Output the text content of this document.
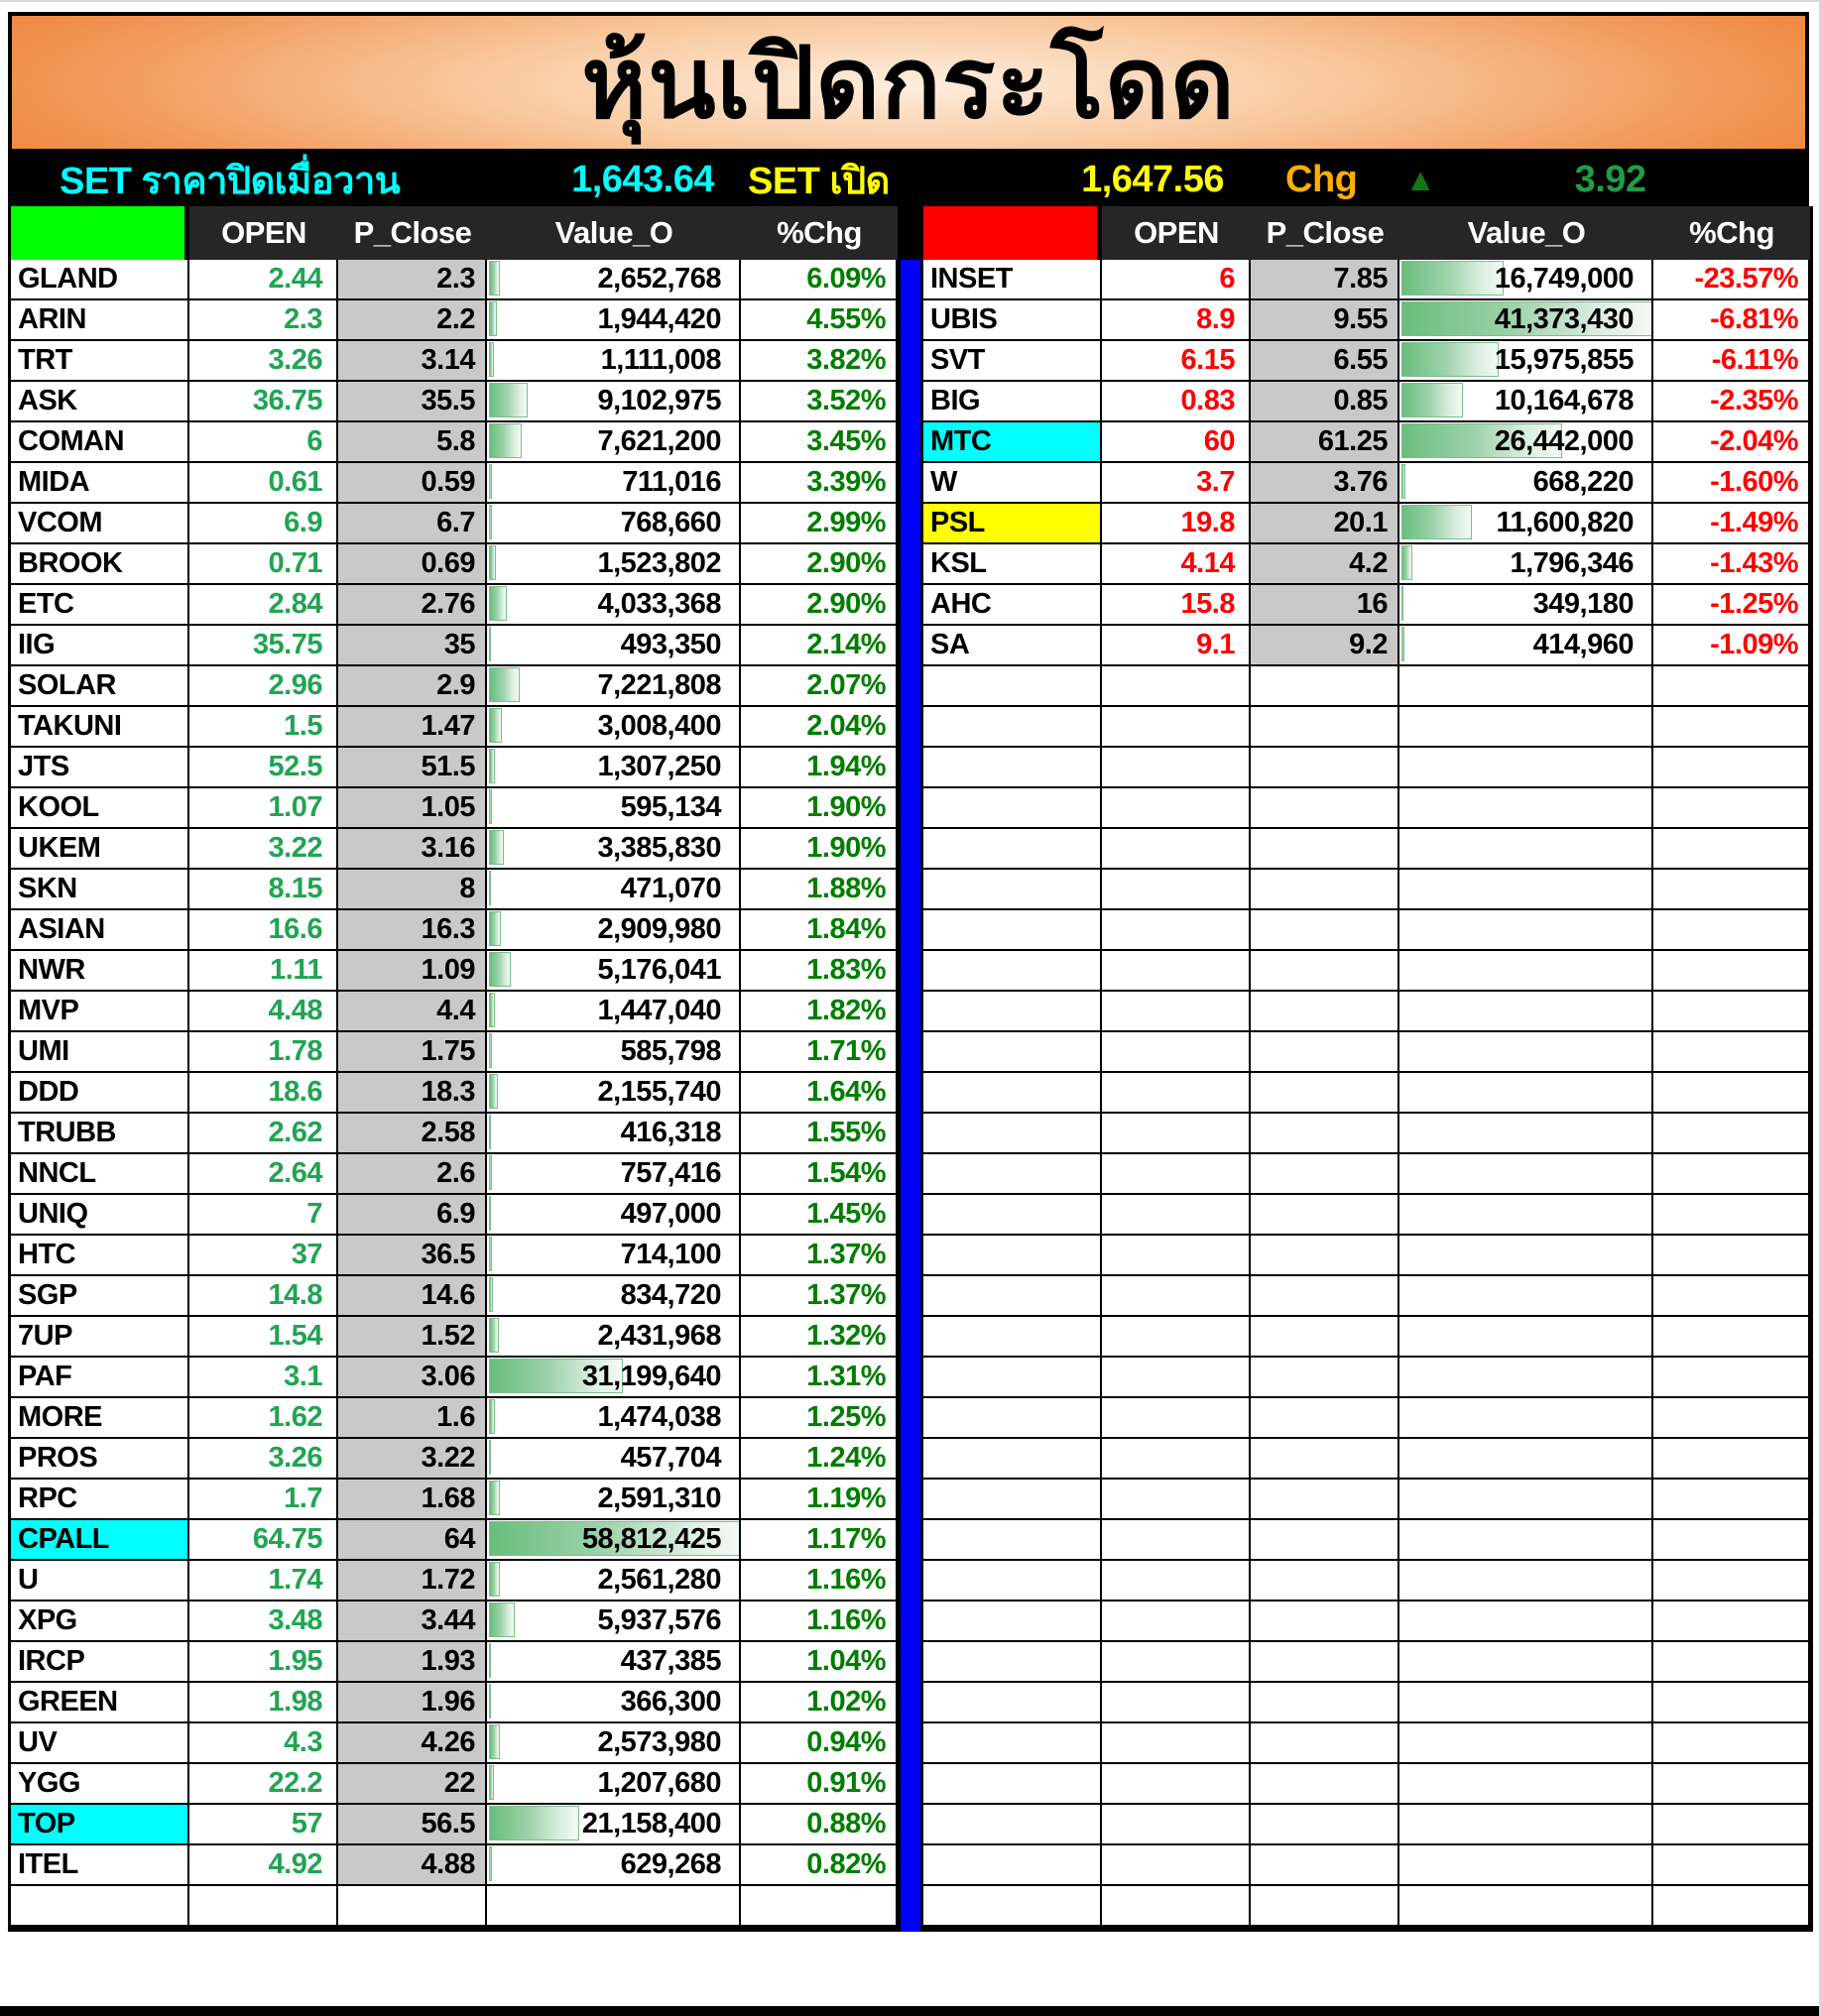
หุ้นเปิดกระโดด
SET ราคาปิดเมื่อวาน	1,643.64 SET เปิด	1,647.56 Chg ▲	3.92
OPEN	P_Close	Value_O	%Chg
GLAND	2.44	2.3	2,652,768	6.09%
ARIN	2.3	2.2	1,944,420	4.55%
TRT	3.26	3.14	1,111,008	3.82%
ASK	36.75	35.5	9,102,975	3.52%
COMAN	6	5.8	7,621,200	3.45%
MIDA	0.61	0.59	711,016	3.39%
VCOM	6.9	6.7	768,660	2.99%
BROOK	0.71	0.69	1,523,802	2.90%
ETC	2.84	2.76	4,033,368	2.90%
IIG	35.75	35	493,350	2.14%
SOLAR	2.96	2.9	7,221,808	2.07%
TAKUNI	1.5	1.47	3,008,400	2.04%
JTS	52.5	51.5	1,307,250	1.94%
KOOL	1.07	1.05	595,134	1.90%
UKEM	3.22	3.16	3,385,830	1.90%
SKN	8.15	8	471,070	1.88%
ASIAN	16.6	16.3	2,909,980	1.84%
NWR	1.11	1.09	5,176,041	1.83%
MVP	4.48	4.4	1,447,040	1.82%
UMI	1.78	1.75	585,798	1.71%
DDD	18.6	18.3	2,155,740	1.64%
TRUBB	2.62	2.58	416,318	1.55%
NNCL	2.64	2.6	757,416	1.54%
UNIQ	7	6.9	497,000	1.45%
HTC	37	36.5	714,100	1.37%
SGP	14.8	14.6	834,720	1.37%
7UP	1.54	1.52	2,431,968	1.32%
PAF	3.1	3.06	31,199,640	1.31%
MORE	1.62	1.6	1,474,038	1.25%
PROS	3.26	3.22	457,704	1.24%
RPC	1.7	1.68	2,591,310	1.19%
CPALL	64.75	64	58,812,425	1.17%
U	1.74	1.72	2,561,280	1.16%
XPG	3.48	3.44	5,937,576	1.16%
IRCP	1.95	1.93	437,385	1.04%
GREEN	1.98	1.96	366,300	1.02%
UV	4.3	4.26	2,573,980	0.94%
YGG	22.2	22	1,207,680	0.91%
TOP	57	56.5	21,158,400	0.88%
ITEL	4.92	4.88	629,268	0.82%
OPEN	P_Close	Value_O	%Chg
INSET	6	7.85	16,749,000	-23.57%
UBIS	8.9	9.55	41,373,430	-6.81%
SVT	6.15	6.55	15,975,855	-6.11%
BIG	0.83	0.85	10,164,678	-2.35%
MTC	60	61.25	26,442,000	-2.04%
W	3.7	3.76	668,220	-1.60%
PSL	19.8	20.1	11,600,820	-1.49%
KSL	4.14	4.2	1,796,346	-1.43%
AHC	15.8	16	349,180	-1.25%
SA	9.1	9.2	414,960	-1.09%
